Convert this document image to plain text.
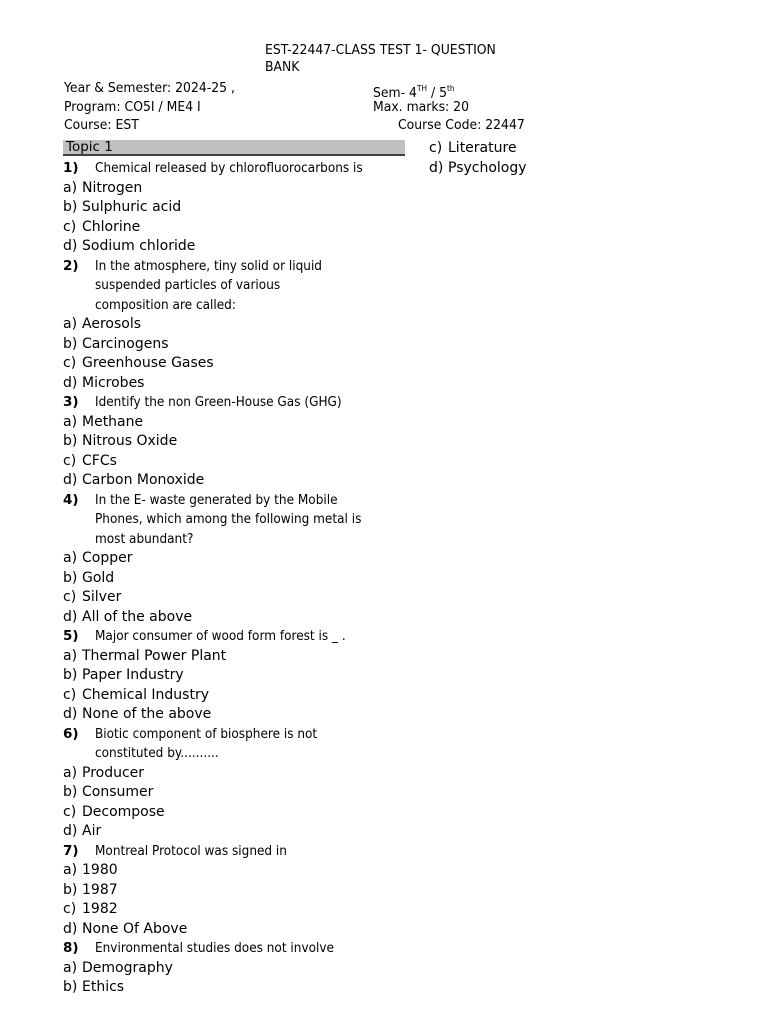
EST-22447-CLASS TEST 1- QUESTION BANK
Year & Semester: 2024-25 ,	Sem- 4TH / 5th
Program: CO5I / ME4 I	Max. marks: 20
Course: EST	Course Code: 22447
Topic 1
1) Chemical released by chlorofluorocarbons is
a) Nitrogen
b) Sulphuric acid
c) Chlorine
d) Sodium chloride
2) In the atmosphere, tiny solid or liquid
suspended particles of various
composition are called:
a) Aerosols
b) Carcinogens
c) Greenhouse Gases
d) Microbes
3) Identify the non Green-House Gas (GHG)
a) Methane
b) Nitrous Oxide
c) CFCs
d) Carbon Monoxide
4) In the E- waste generated by the Mobile
Phones, which among the following metal is
most abundant?
a) Copper
b) Gold
c) Silver
d) All of the above
5) Major consumer of wood form forest is _ .
a) Thermal Power Plant
b) Paper Industry
c) Chemical Industry
d) None of the above
6) Biotic component of biosphere is not
constituted by..........
a) Producer
b) Consumer
c) Decompose
d) Air
7) Montreal Protocol was signed in
a) 1980
b) 1987
c) 1982
d) None Of Above
8) Environmental studies does not involve
a) Demography
b) Ethics
c) Literature
d) Psychology
